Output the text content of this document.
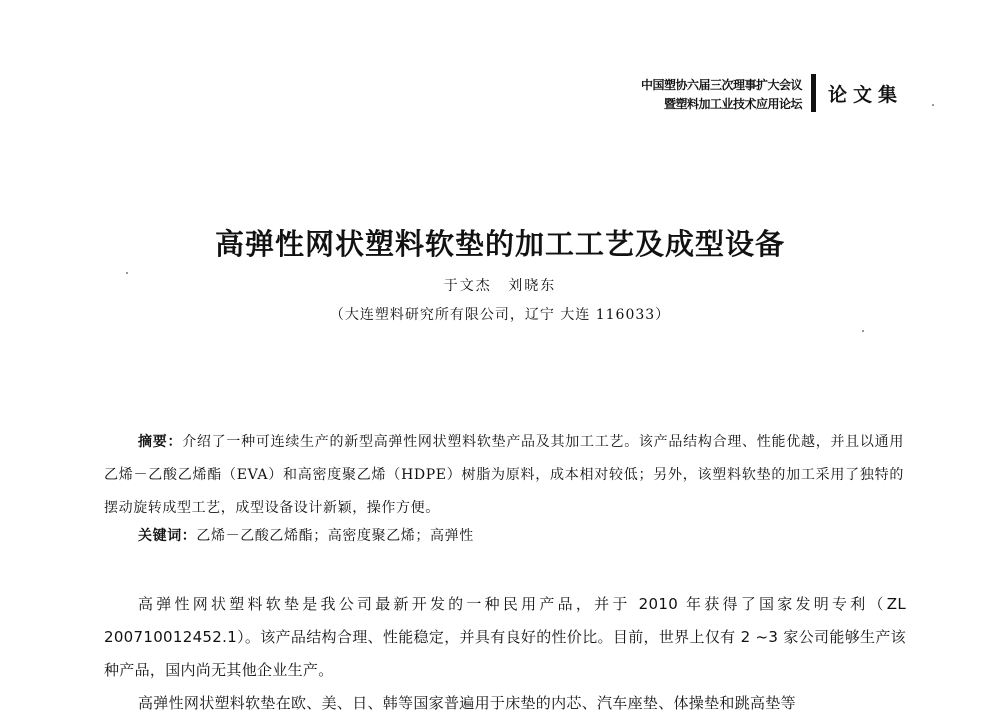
中国塑协六届三次理事扩大会议
暨塑料加工业技术应用论坛 论文集
高弹性网状塑料软垫的加工工艺及成型设备
于文杰 刘晓东
（大连塑料研究所有限公司，辽宁 大连 116033）
摘要：介绍了一种可连续生产的新型高弹性网状塑料软垫产品及其加工工艺。该产品结构合理、性能优越，并且以通用乙烯－乙酸乙烯酯（EVA）和高密度聚乙烯（HDPE）树脂为原料，成本相对较低；另外，该塑料软垫的加工采用了独特的摆动旋转成型工艺，成型设备设计新颖，操作方便。
关键词：乙烯－乙酸乙烯酯；高密度聚乙烯；高弹性

高弹性网状塑料软垫是我公司最新开发的一种民用产品，并于 2010 年获得了国家发明专利（ZL 200710012452.1）。该产品结构合理、性能稳定，并具有良好的性价比。目前，世界上仅有 2 ~3 家公司能够生产该种产品，国内尚无其他企业生产。

高弹性网状塑料软垫在欧、美、日、韩等国家普遍用于床垫的内芯、汽车座垫、体操垫和跳高垫等
